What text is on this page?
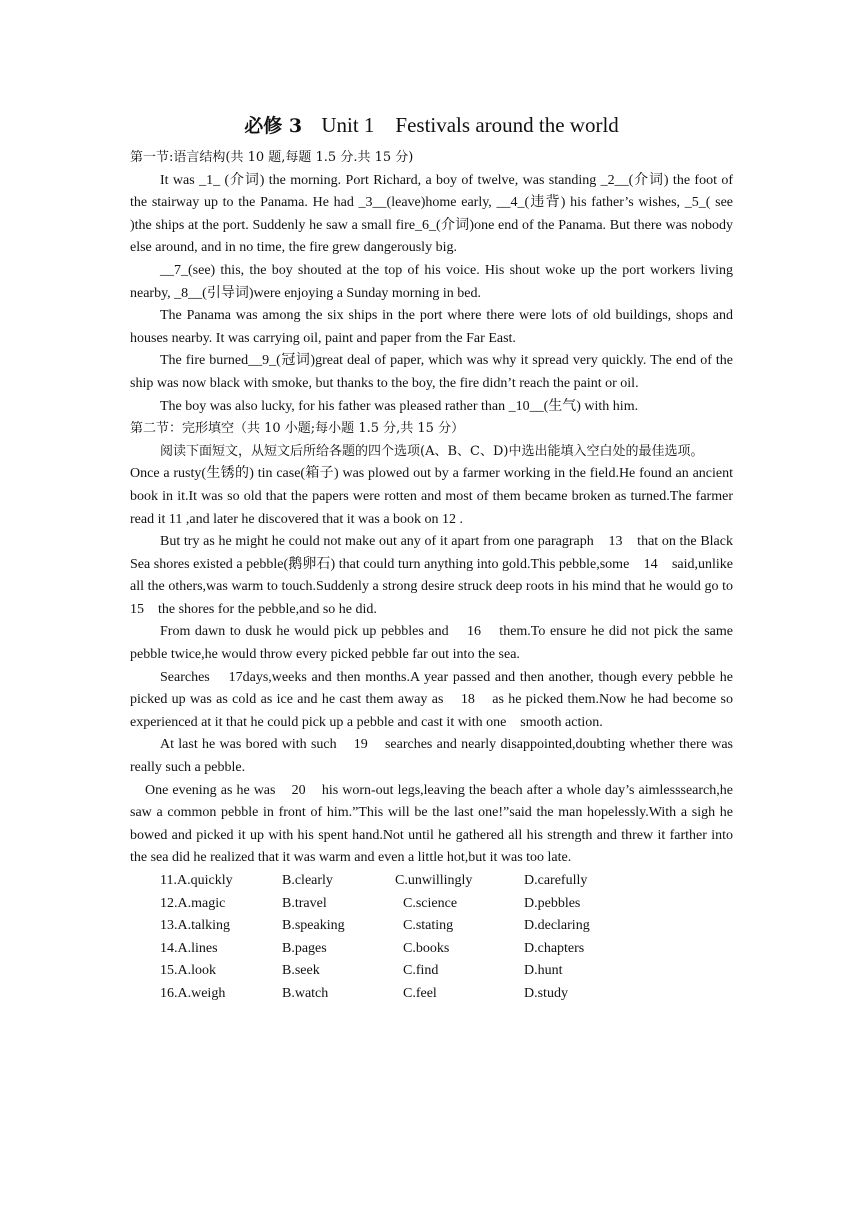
必修 3 Unit 1    Festivals around the world

第一节:语言结构(共 10 题,每题 1.5 分.共 15 分)

It was _1_ (介词) the morning. Port Richard, a boy of twelve, was standing _2__(介词) the foot of the stairway up to the Panama. He had _3__(leave)home early, __4_(违背) his father’s wishes, _5_( see )the ships at the port. Suddenly he saw a small fire_6_(介词)one end of the Panama. But there was nobody else around, and in no time, the fire grew dangerously big.

__7_(see) this, the boy shouted at the top of his voice. His shout woke up the port workers living nearby, _8__(引导词)were enjoying a Sunday morning in bed.

The Panama was among the six ships in the port where there were lots of old buildings, shops and houses nearby. It was carrying oil, paint and paper from the Far East.

The fire burned__9_(冠词)great deal of paper, which was why it spread very quickly. The end of the ship was now black with smoke, but thanks to the boy, the fire didn’t reach the paint or oil.

The boy was also lucky, for his father was pleased rather than _10__(生气) with him.

第二节：完形填空（共 10 小题;每小题 1.5 分,共 15 分）

阅读下面短文，从短文后所给各题的四个选项(A、B、C、D)中选出能填入空白处的最佳选项。

Once a rusty(生锈的) tin case(箱子) was plowed out by a farmer working in the field.He found an ancient book in it.It was so old that the papers were rotten and most of them became broken as turned.The farmer read it 11 ,and later he discovered that it was a book on 12 .

But try as he might he could not make out any of it apart from one paragraph    13    that on the Black Sea shores existed a pebble(鹅卵石) that could turn anything into gold.This pebble,some    14    said,unlike all the others,was warm to touch.Suddenly a strong desire struck deep roots in his mind that he would go to    15    the shores for the pebble,and so he did.

From dawn to dusk he would pick up pebbles and    16    them.To ensure he did not pick the same pebble twice,he would throw every picked pebble far out into the sea.

Searches    17days,weeks and then months.A year passed and then another, though every pebble he picked up was as cold as ice and he cast them away as    18    as he picked them.Now he had become so experienced at it that he could pick up a pebble and cast it with one    smooth action.

At last he was bored with such    19    searches and nearly disappointed,doubting whether there was really such a pebble.

One evening as he was    20    his worn-out legs,leaving the beach after a whole day’s aimlesssearch,he saw a common pebble in front of him.”This will be the last one!”said the man hopelessly.With a sigh he bowed and picked it up with his spent hand.Not until he gathered all his strength and threw it farther into the sea did he realized that it was warm and even a little hot,but it was too late.

11.A.quickly	B.clearly	C.unwillingly	D.carefully
12.A.magic	B.travel	C.science	D.pebbles
13.A.talking	B.speaking	C.stating	D.declaring
14.A.lines	B.pages	C.books	D.chapters
15.A.look	B.seek	C.find	D.hunt
16.A.weigh	B.watch	C.feel	D.study
